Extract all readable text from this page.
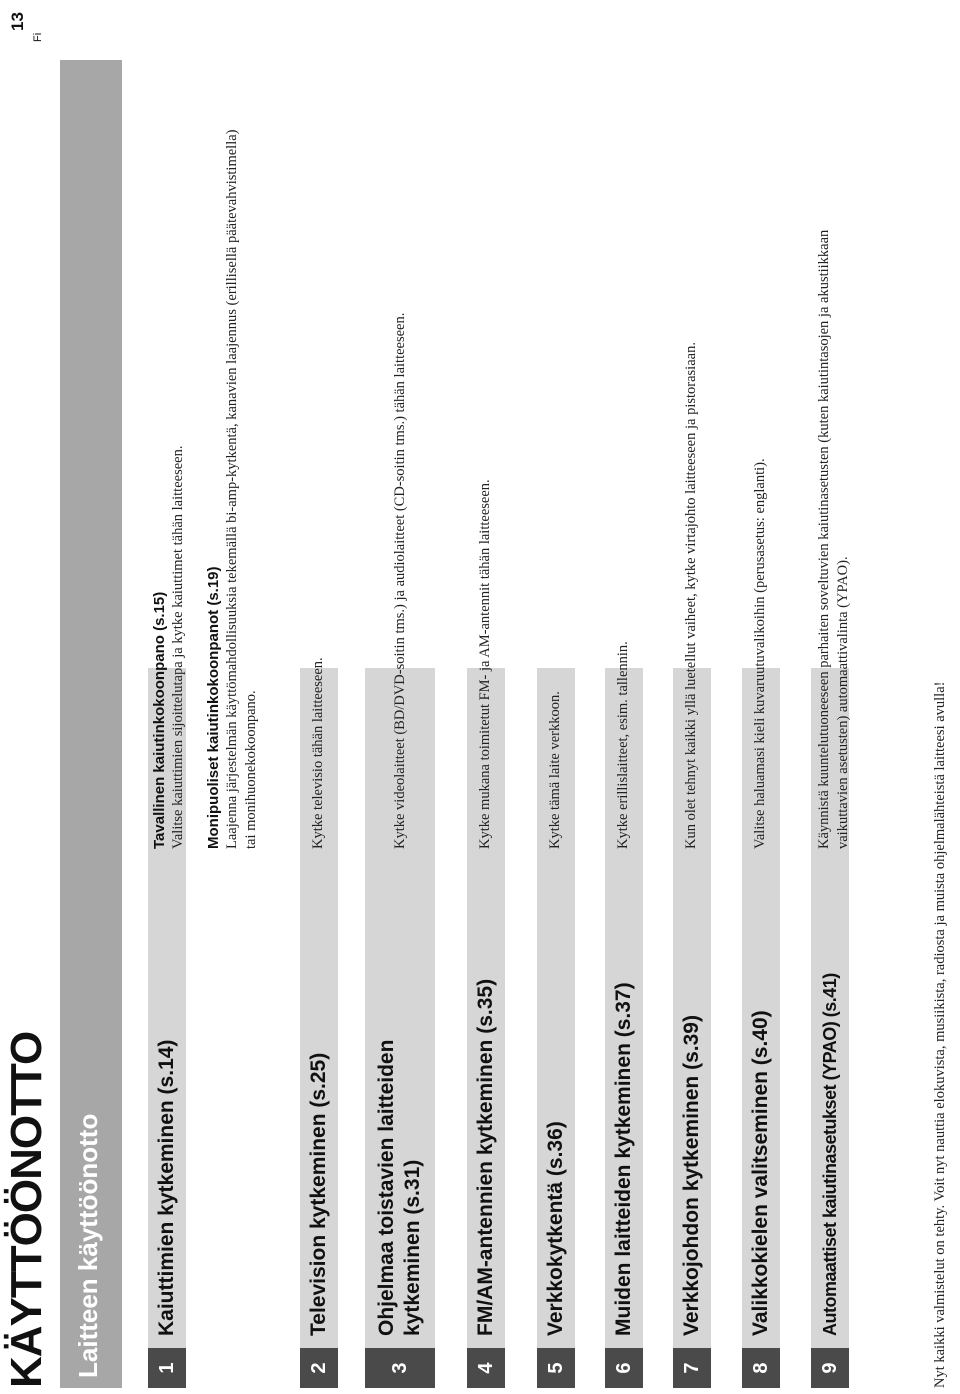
13
Fi
KÄYTTÖÖNOTTO Laitteen käyttöönotto	1
Kaiuttimien kytkeminen (s.14)
Tavallinen kaiutinkokoonpano (s.15) Valitse kaiuttimien sijoittelutapa ja kytke kaiuttimet tähän laitteeseen. Monipuoliset kaiutinkokoonpanot (s.19) Laajenna järjestelmän käyttömahdollisuuksia tekemällä bi-amp-kytkentä, kanavien laajennus (erillisellä päätevahvistimella) tai monihuonekokoonpano.
2
Television kytkeminen (s.25)
Kytke televisio tähän laitteeseen.
3
Ohjelmaa toistavien laitteiden kytkeminen (s.31)
Kytke videolaitteet (BD/DVD-soitin tms.) ja audiolaitteet (CD-soitin tms.) tähän laitteeseen.
4
FM/AM-antennien kytkeminen (s.35)
Kytke mukana toimitetut FM- ja AM-antennit tähän laitteeseen.
5
Verkkokytkentä (s.36)
Kytke tämä laite verkkoon.
6
Muiden laitteiden kytkeminen (s.37)
Kytke erillislaitteet, esim. tallennin.
7
Verkkojohdon kytkeminen (s.39)
Kun olet tehnyt kaikki yllä luetellut vaiheet, kytke virtajohto laitteeseen ja pistorasiaan.
8
Valikkokielen valitseminen (s.40)
Valitse haluamasi kieli kuvaruutuvalikoihin (perusasetus: englanti).
9
Automaattiset kaiutinasetukset (YPAO) (s.41)
Käynnistä kuuntelutuoneeseen parhaiten soveltuvien kaiutinasetusten (kuten kaiutintasojen ja akustiikkaan vaikuttavien asetusten) automaattivalinta (YPAO).	Nyt kaikki valmistelut on tehty. Voit nyt nauttia elokuvista, musiikista, radiosta ja muista ohjelmalähteistä laitteesi avulla!
